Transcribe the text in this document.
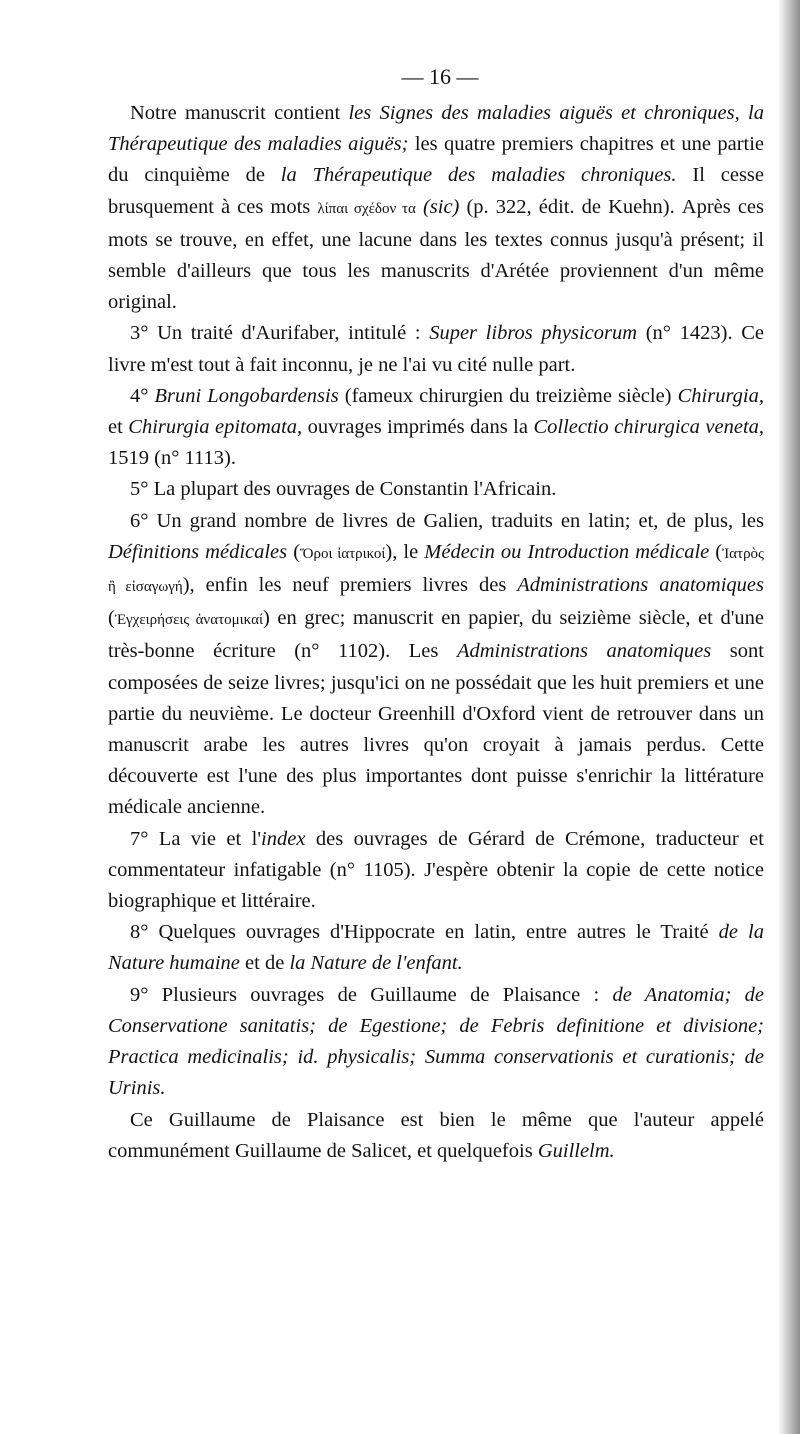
— 16 —

Notre manuscrit contient les Signes des maladies aiguës et chroniques, la Thérapeutique des maladies aiguës; les quatre premiers chapitres et une partie du cinquième de la Thérapeutique des maladies chroniques. Il cesse brusquement à ces mots λίπαι σχέδον τα (sic) (p. 322, édit. de Kuehn). Après ces mots se trouve, en effet, une lacune dans les textes connus jusqu'à présent; il semble d'ailleurs que tous les manuscrits d'Arétée proviennent d'un même original.

3° Un traité d'Aurifaber, intitulé : Super libros physicorum (n° 1423). Ce livre m'est tout à fait inconnu, je ne l'ai vu cité nulle part.

4° Bruni Longobardensis (fameux chirurgien du treizième siècle) Chirurgia, et Chirurgia epitomata, ouvrages imprimés dans la Collectio chirurgica veneta, 1519 (n° 1113).

5° La plupart des ouvrages de Constantin l'Africain.

6° Un grand nombre de livres de Galien, traduits en latin; et, de plus, les Définitions médicales (Ὅροι ἰατρικοί), le Médecin ou Introduction médicale (Ἰατρὸς ἢ εἰσαγωγή), enfin les neuf premiers livres des Administrations anatomiques (Ἐγχειρήσεις ἀνατομικαί) en grec; manuscrit en papier, du seizième siècle, et d'une très-bonne écriture (n° 1102). Les Administrations anatomiques sont composées de seize livres; jusqu'ici on ne possédait que les huit premiers et une partie du neuvième. Le docteur Greenhill d'Oxford vient de retrouver dans un manuscrit arabe les autres livres qu'on croyait à jamais perdus. Cette découverte est l'une des plus importantes dont puisse s'enrichir la littérature médicale ancienne.

7° La vie et l'index des ouvrages de Gérard de Crémone, traducteur et commentateur infatigable (n° 1105). J'espère obtenir la copie de cette notice biographique et littéraire.

8° Quelques ouvrages d'Hippocrate en latin, entre autres le Traité de la Nature humaine et de la Nature de l'enfant.

9° Plusieurs ouvrages de Guillaume de Plaisance : de Anatomia; de Conservatione sanitatis; de Egestione; de Febris definitione et divisione; Practica medicinalis; id. physicalis; Summa conservationis et curationis; de Urinis.

Ce Guillaume de Plaisance est bien le même que l'auteur appelé communément Guillaume de Salicet, et quelquefois Guillelm.
